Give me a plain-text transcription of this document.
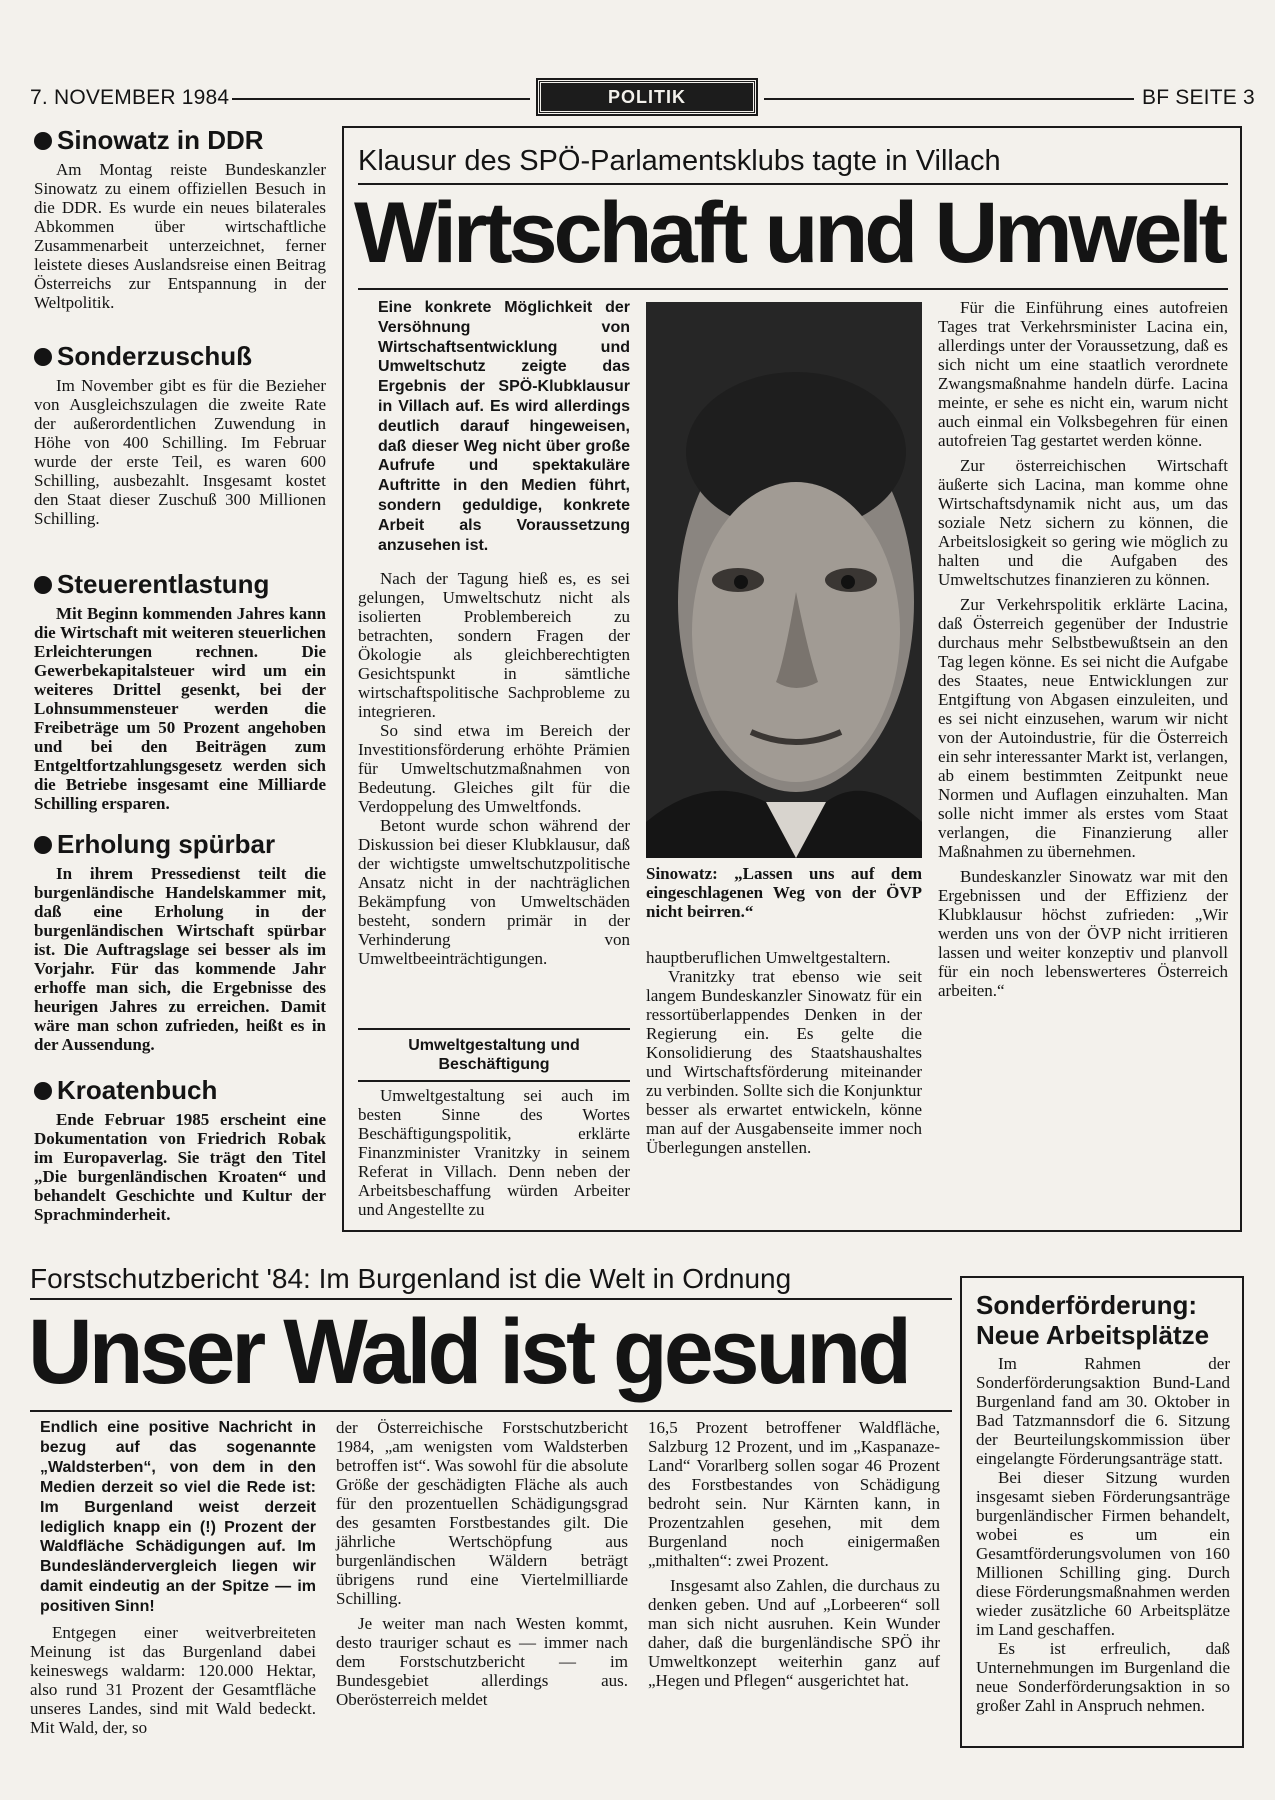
7. NOVEMBER 1984	POLITIK	BF SEITE 3
Sinowatz in DDR

Am Montag reiste Bundeskanzler Sinowatz zu einem offiziellen Besuch in die DDR. Es wurde ein neues bilaterales Abkommen über wirtschaftliche Zusammenarbeit unterzeichnet, ferner leistete dieses Auslandsreise einen Beitrag Österreichs zur Entspannung in der Weltpolitik.

Sonderzuschuß

Im November gibt es für die Bezieher von Ausgleichszulagen die zweite Rate der außerordentlichen Zuwendung in Höhe von 400 Schilling. Im Februar wurde der erste Teil, es waren 600 Schilling, ausbezahlt. Insgesamt kostet den Staat dieser Zuschuß 300 Millionen Schilling.

Steuerentlastung

Mit Beginn kommenden Jahres kann die Wirtschaft mit weiteren steuerlichen Erleichterungen rechnen. Die Gewerbekapitalsteuer wird um ein weiteres Drittel gesenkt, bei der Lohnsummensteuer werden die Freibeträge um 50 Prozent angehoben und bei den Beiträgen zum Entgeltfortzahlungsgesetz werden sich die Betriebe insgesamt eine Milliarde Schilling ersparen.

Erholung spürbar

In ihrem Pressedienst teilt die burgenländische Handelskammer mit, daß eine Erholung in der burgenländischen Wirtschaft spürbar ist. Die Auftragslage sei besser als im Vorjahr. Für das kommende Jahr erhoffe man sich, die Ergebnisse des heurigen Jahres zu erreichen. Damit wäre man schon zufrieden, heißt es in der Aussendung.

Kroatenbuch

Ende Februar 1985 erscheint eine Dokumentation von Friedrich Robak im Europaverlag. Sie trägt den Titel „Die burgenländischen Kroaten“ und behandelt Geschichte und Kultur der Sprachminderheit.

Klausur des SPÖ-Parlamentsklubs tagte in Villach
Wirtschaft und Umwelt

Eine konkrete Möglichkeit der Versöhnung von Wirtschaftsentwicklung und Umweltschutz zeigte das Ergebnis der SPÖ-Klubklausur in Villach auf. Es wird allerdings deutlich darauf hingeweisen, daß dieser Weg nicht über große Aufrufe und spektakuläre Auftritte in den Medien führt, sondern geduldige, konkrete Arbeit als Voraussetzung anzusehen ist.

Nach der Tagung hieß es, es sei gelungen, Umweltschutz nicht als isolierten Problembereich zu betrachten, sondern Fragen der Ökologie als gleichberechtigten Gesichtspunkt in sämtliche wirtschaftspolitische Sachprobleme zu integrieren.

So sind etwa im Bereich der Investitionsförderung erhöhte Prämien für Umweltschutzmaßnahmen von Bedeutung. Gleiches gilt für die Verdoppelung des Umweltfonds.

Betont wurde schon während der Diskussion bei dieser Klubklausur, daß der wichtigste umweltschutzpolitische Ansatz nicht in der nachträglichen Bekämpfung von Umweltschäden besteht, sondern primär in der Verhinderung von Umweltbeeinträchtigungen.

Umweltgestaltung und Beschäftigung

Umweltgestaltung sei auch im besten Sinne des Wortes Beschäftigungspolitik, erklärte Finanzminister Vranitzky in seinem Referat in Villach. Denn neben der Arbeitsbeschaffung würden Arbeiter und Angestellte zu

Sinowatz: „Lassen uns auf dem eingeschlagenen Weg von der ÖVP nicht beirren.“

hauptberuflichen Umweltgestaltern.

Vranitzky trat ebenso wie seit langem Bundeskanzler Sinowatz für ein ressortüberlappendes Denken in der Regierung ein. Es gelte die Konsolidierung des Staatshaushaltes und Wirtschaftsförderung miteinander zu verbinden. Sollte sich die Konjunktur besser als erwartet entwickeln, könne man auf der Ausgabenseite immer noch Überlegungen anstellen.

Für die Einführung eines autofreien Tages trat Verkehrsminister Lacina ein, allerdings unter der Voraussetzung, daß es sich nicht um eine staatlich verordnete Zwangsmaßnahme handeln dürfe. Lacina meinte, er sehe es nicht ein, warum nicht auch einmal ein Volksbegehren für einen autofreien Tag gestartet werden könne.

Zur österreichischen Wirtschaft äußerte sich Lacina, man komme ohne Wirtschaftsdynamik nicht aus, um das soziale Netz sichern zu können, die Arbeitslosigkeit so gering wie möglich zu halten und die Aufgaben des Umweltschutzes finanzieren zu können.

Zur Verkehrspolitik erklärte Lacina, daß Österreich gegenüber der Industrie durchaus mehr Selbstbewußtsein an den Tag legen könne. Es sei nicht die Aufgabe des Staates, neue Entwicklungen zur Entgiftung von Abgasen einzuleiten, und es sei nicht einzusehen, warum wir nicht von der Autoindustrie, für die Österreich ein sehr interessanter Markt ist, verlangen, ab einem bestimmten Zeitpunkt neue Normen und Auflagen einzuhalten. Man solle nicht immer als erstes vom Staat verlangen, die Finanzierung aller Maßnahmen zu übernehmen.

Bundeskanzler Sinowatz war mit den Ergebnissen und der Effizienz der Klubklausur höchst zufrieden: „Wir werden uns von der ÖVP nicht irritieren lassen und weiter konzeptiv und planvoll für ein noch lebenswerteres Österreich arbeiten.“

Forstschutzbericht '84: Im Burgenland ist die Welt in Ordnung
Unser Wald ist gesund

Endlich eine positive Nachricht in bezug auf das sogenannte „Waldsterben“, von dem in den Medien derzeit so viel die Rede ist: Im Burgenland weist derzeit lediglich knapp ein (!) Prozent der Waldfläche Schädigungen auf. Im Bundesländervergleich liegen wir damit eindeutig an der Spitze — im positiven Sinn!

Entgegen einer weitverbreiteten Meinung ist das Burgenland dabei keineswegs waldarm: 120.000 Hektar, also rund 31 Prozent der Gesamtfläche unseres Landes, sind mit Wald bedeckt. Mit Wald, der, so

der Österreichische Forstschutzbericht 1984, „am wenigsten vom Waldsterben betroffen ist“. Was sowohl für die absolute Größe der geschädigten Fläche als auch für den prozentuellen Schädigungsgrad des gesamten Forstbestandes gilt. Die jährliche Wertschöpfung aus burgenländischen Wäldern beträgt übrigens rund eine Viertelmilliarde Schilling.

Je weiter man nach Westen kommt, desto trauriger schaut es — immer nach dem Forstschutzbericht — im Bundesgebiet allerdings aus. Oberösterreich meldet

16,5 Prozent betroffener Waldfläche, Salzburg 12 Prozent, und im „Kaspanaze-Land“ Vorarlberg sollen sogar 46 Prozent des Forstbestandes von Schädigung bedroht sein. Nur Kärnten kann, in Prozentzahlen gesehen, mit dem Burgenland noch einigermaßen „mithalten“: zwei Prozent.

Insgesamt also Zahlen, die durchaus zu denken geben. Und auf „Lorbeeren“ soll man sich nicht ausruhen. Kein Wunder daher, daß die burgenländische SPÖ ihr Umweltkonzept weiterhin ganz auf „Hegen und Pflegen“ ausgerichtet hat.

Sonderförderung:
Neue Arbeitsplätze

Im Rahmen der Sonderförderungsaktion Bund-Land Burgenland fand am 30. Oktober in Bad Tatzmannsdorf die 6. Sitzung der Beurteilungskommission über eingelangte Förderungsanträge statt.

Bei dieser Sitzung wurden insgesamt sieben Förderungsanträge burgenländischer Firmen behandelt, wobei es um ein Gesamtförderungsvolumen von 160 Millionen Schilling ging. Durch diese Förderungsmaßnahmen werden wieder zusätzliche 60 Arbeitsplätze im Land geschaffen.

Es ist erfreulich, daß Unternehmungen im Burgenland die neue Sonderförderungsaktion in so großer Zahl in Anspruch nehmen.
